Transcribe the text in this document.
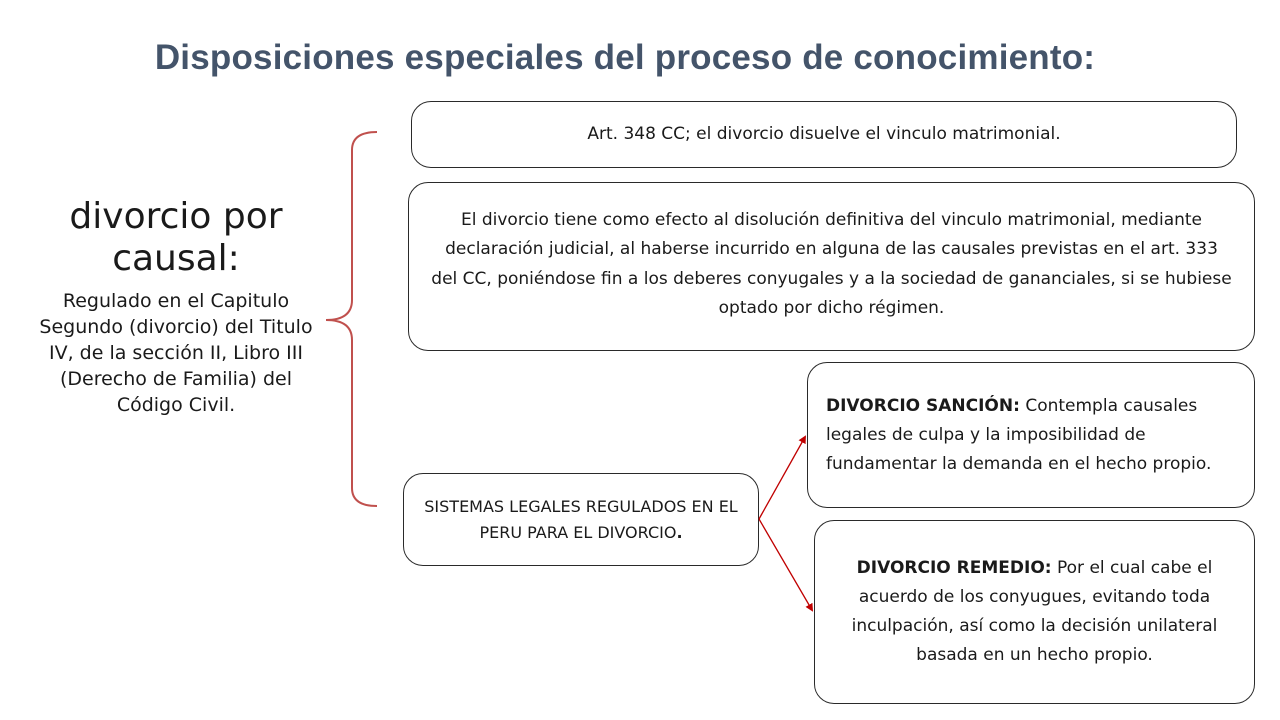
Disposiciones especiales del proceso de conocimiento:
divorcio por
causal:
Regulado en el Capitulo Segundo (divorcio) del Titulo IV, de la sección II, Libro III (Derecho de Familia) del Código Civil.
Art. 348 CC; el divorcio disuelve el vinculo matrimonial.
El divorcio tiene como efecto al disolución definitiva del vinculo matrimonial, mediante declaración judicial, al haberse incurrido en alguna de las causales previstas en el art. 333 del CC, poniéndose fin a los deberes conyugales y a la sociedad de gananciales, si se hubiese optado por dicho régimen.
SISTEMAS LEGALES REGULADOS EN EL PERU PARA EL DIVORCIO.
DIVORCIO SANCIÓN: Contempla causales legales de culpa y la imposibilidad de fundamentar la demanda en el hecho propio.
DIVORCIO REMEDIO: Por el cual cabe el acuerdo de los conyugues, evitando toda inculpación, así como la decisión unilateral basada en un hecho propio.
